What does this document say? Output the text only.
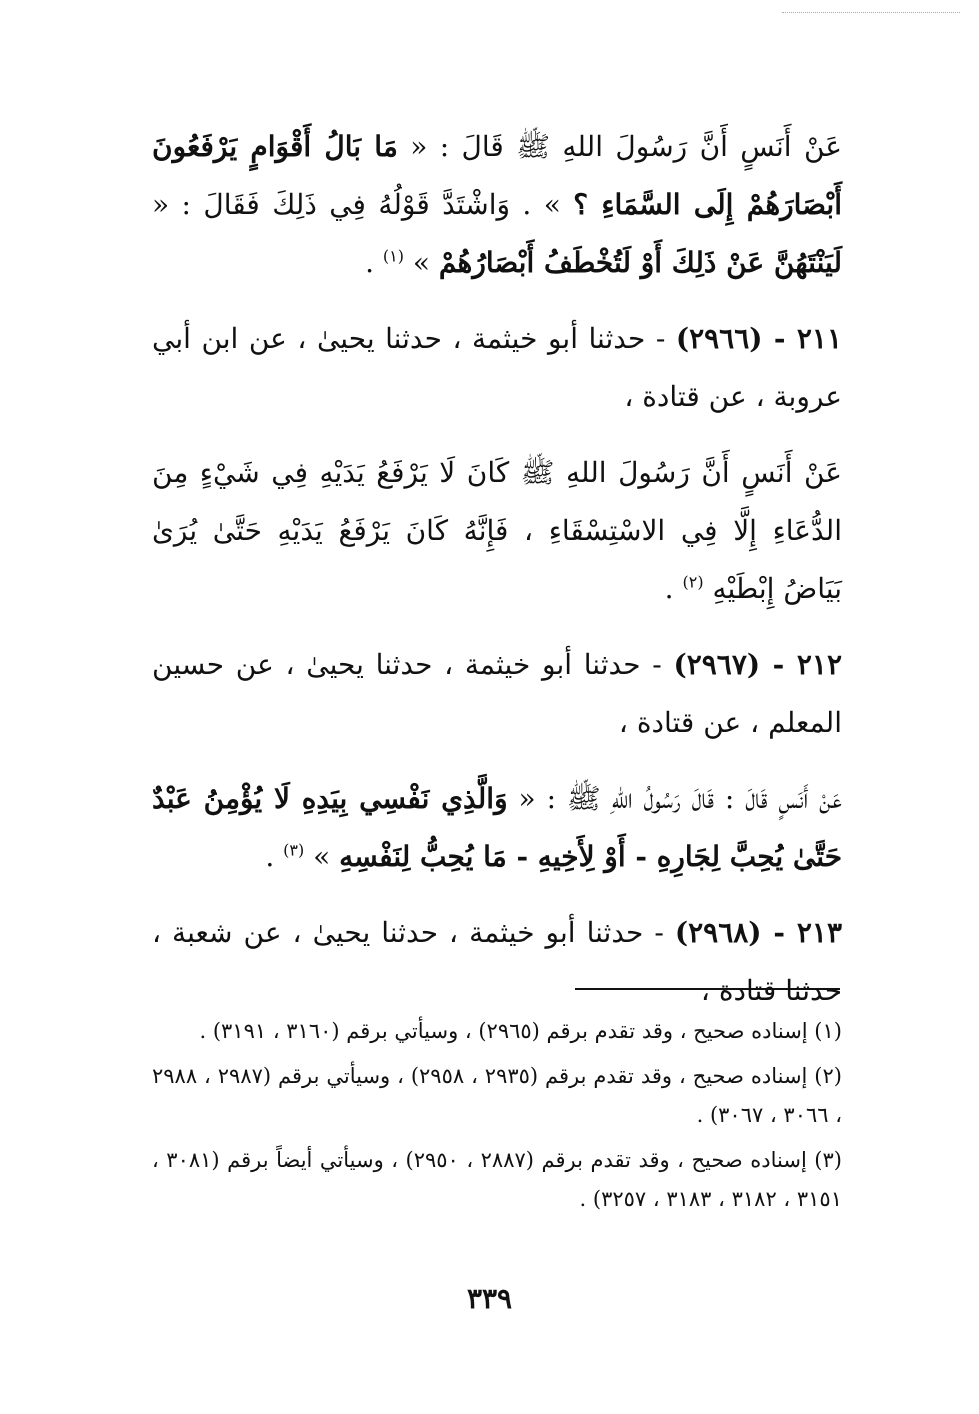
عَنْ أَنَسٍ أَنَّ رَسُولَ اللهِ ﷺ قَالَ : « مَا بَالُ أَقْوَامٍ يَرْفَعُونَ أَبْصَارَهُمْ إِلَى السَّمَاءِ ؟ » . وَاشْتَدَّ قَوْلُهُ فِي ذَلِكَ فَقَالَ : « لَيَنْتَهُنَّ عَنْ ذَلِكَ أَوْ لَتُخْطَفُ أَبْصَارُهُمْ » $^{(١)}$ .

٢١١ - (٢٩٦٦) - حدثنا أبو خيثمة ، حدثنا يحيىٰ ، عن ابن أبي عروبة ، عن قتادة ،

عَنْ أَنَسٍ أَنَّ رَسُولَ اللهِ ﷺ كَانَ لَا يَرْفَعُ يَدَيْهِ فِي شَيْءٍ مِنَ الدُّعَاءِ إِلَّا فِي الاسْتِسْقَاءِ ، فَإِنَّهُ كَانَ يَرْفَعُ يَدَيْهِ حَتَّىٰ يُرَىٰ بَيَاضُ إِبْطَيْهِ $^{(٢)}$ .

٢١٢ - (٢٩٦٧) - حدثنا أبو خيثمة ، حدثنا يحيىٰ ، عن حسين المعلم ، عن قتادة ،

عَنْ أَنَسٍ قَالَ : قَالَ رَسُولُ اللهِ ﷺ : « وَالَّذِي نَفْسِي بِيَدِهِ لَا يُؤْمِنُ عَبْدٌ حَتَّىٰ يُحِبَّ لِجَارِهِ - أَوْ لِأَخِيهِ - مَا يُحِبُّ لِنَفْسِهِ » $^{(٣)}$ .

٢١٣ - (٢٩٦٨) - حدثنا أبو خيثمة ، حدثنا يحيىٰ ، عن شعبة ، حدثنا قتادة ،

(١) إسناده صحيح ، وقد تقدم برقم (٢٩٦٥) ، وسيأتي برقم (٣١٦٠ ، ٣١٩١) .

(٢) إسناده صحيح ، وقد تقدم برقم (٢٩٣٥ ، ٢٩٥٨) ، وسيأتي برقم (٢٩٨٧ ، ٢٩٨٨ ، ٣٠٦٦ ، ٣٠٦٧) .

(٣) إسناده صحيح ، وقد تقدم برقم (٢٨٨٧ ، ٢٩٥٠) ، وسيأتي أيضاً برقم (٣٠٨١ ، ٣١٥١ ، ٣١٨٢ ، ٣١٨٣ ، ٣٢٥٧) .

٣٣٩
